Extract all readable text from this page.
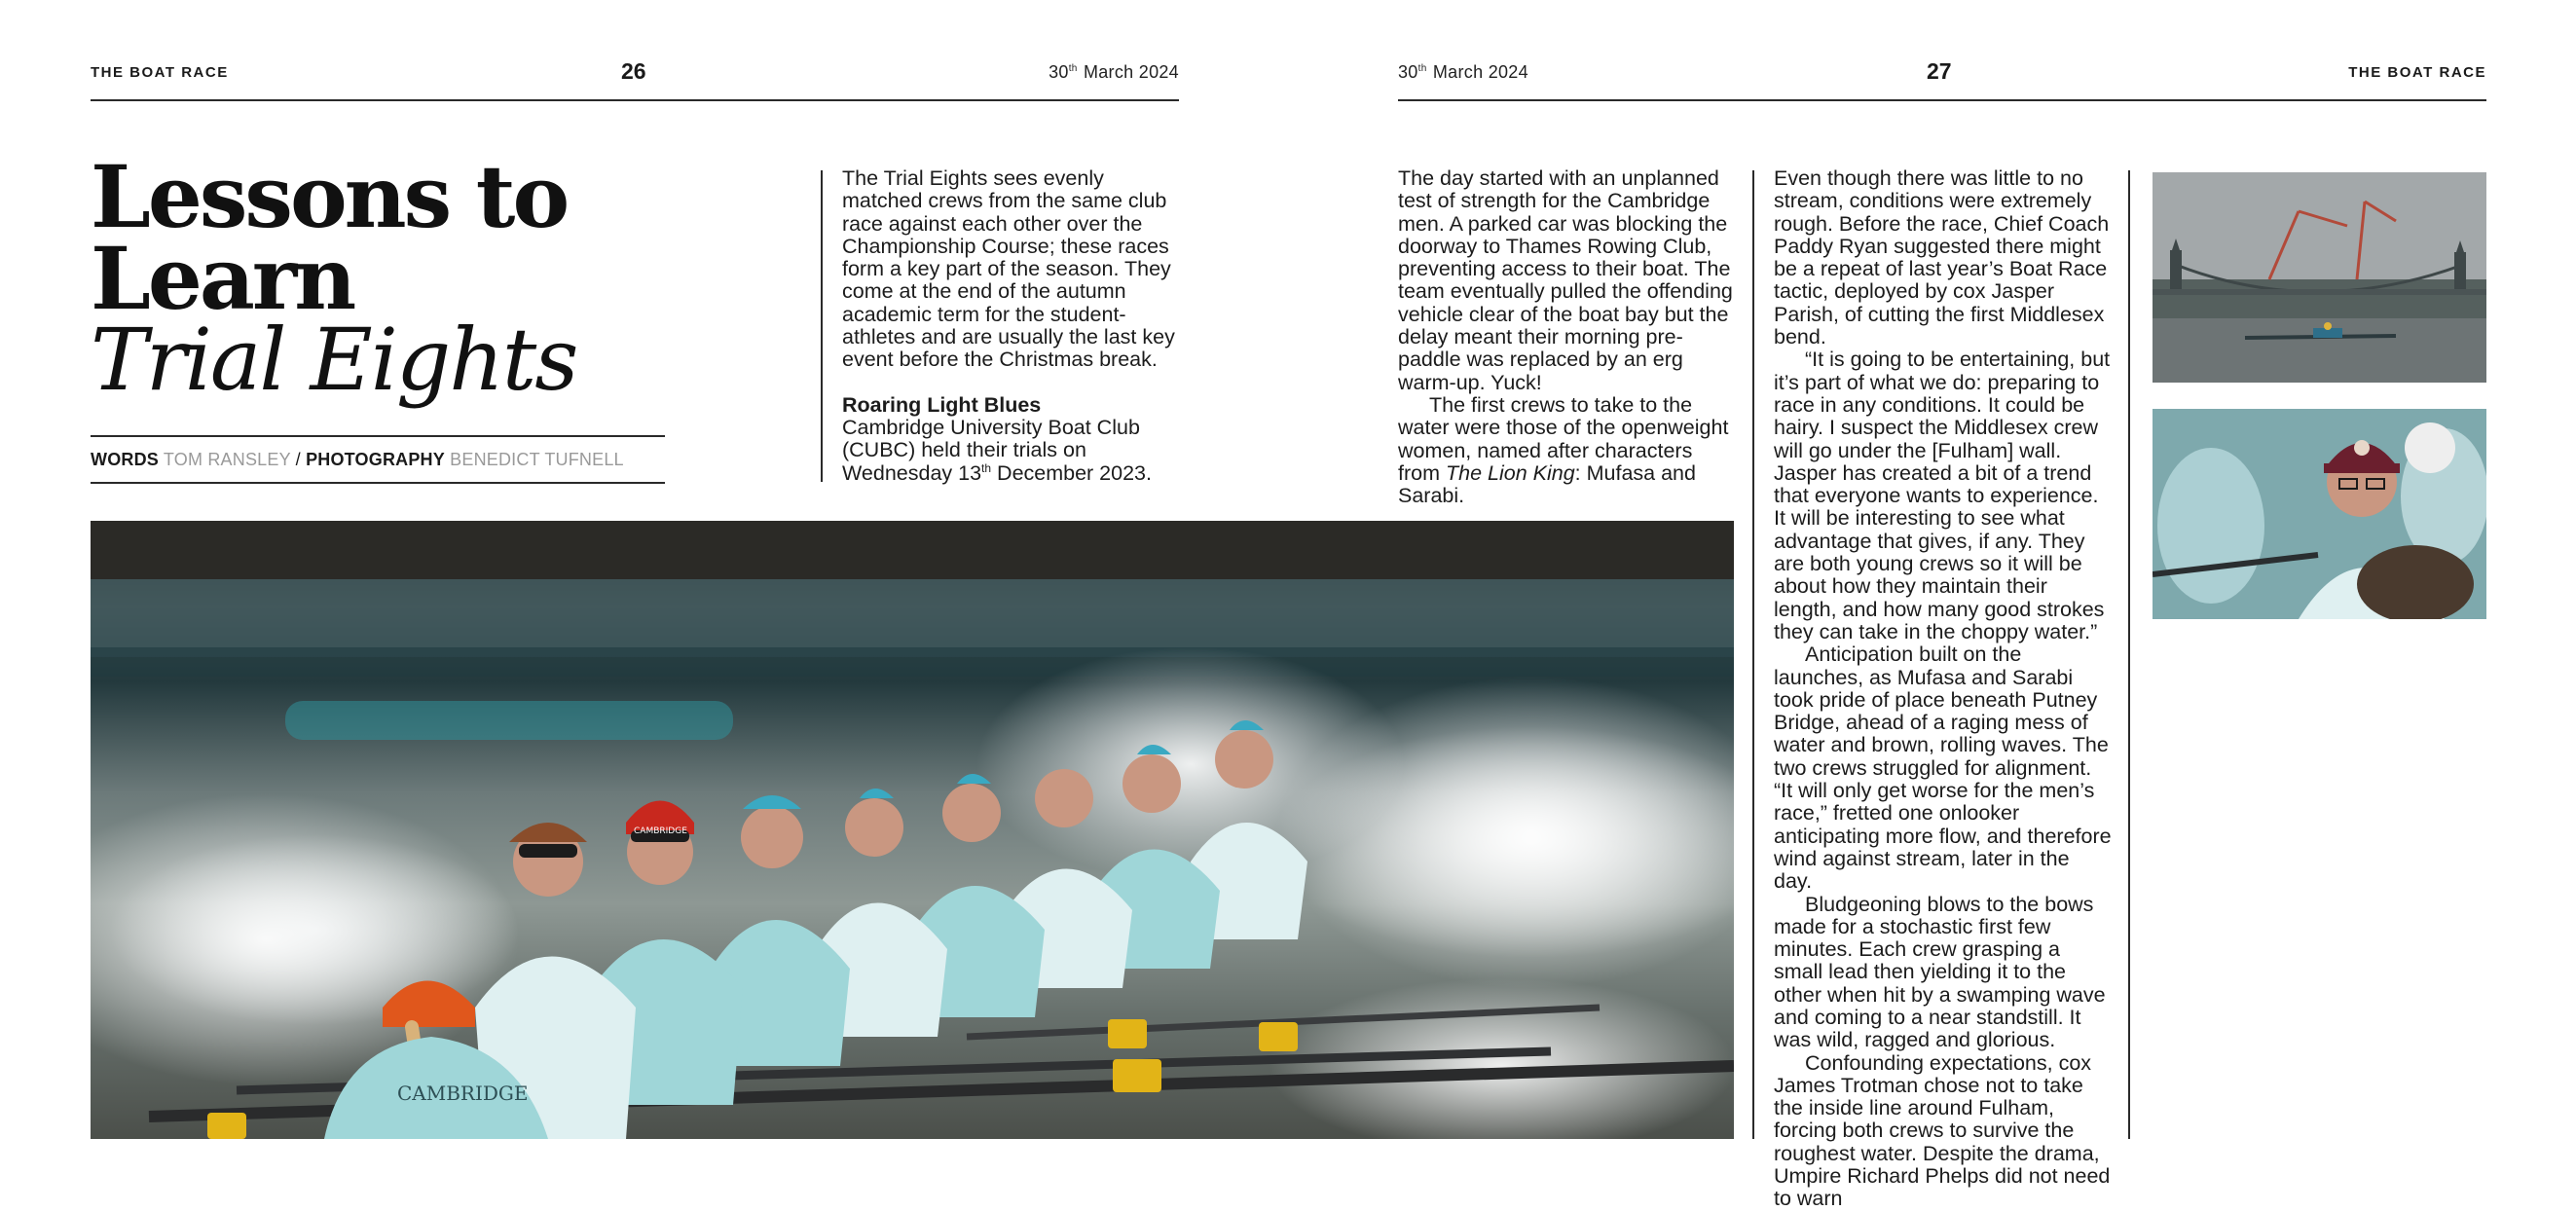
THE BOAT RACE	26	30th March 2024	30th March 2024	27	THE BOAT RACE
Lessons to
Learn
Trial Eights
WORDS TOM RANSLEY / PHOTOGRAPHY BENEDICT TUFNELL

The Trial Eights sees evenly matched crews from the same club race against each other over the Championship Course; these races form a key part of the season. They come at the end of the autumn academic term for the student-athletes and are usually the last key event before the Christmas break.

Roaring Light Blues

Cambridge University Boat Club (CUBC) held their trials on Wednesday 13th December 2023.

The day started with an unplanned test of strength for the Cambridge men. A parked car was blocking the doorway to Thames Rowing Club, preventing access to their boat. The team eventually pulled the offending vehicle clear of the boat bay but the delay meant their morning pre-paddle was replaced by an erg warm-up. Yuck!

The first crews to take to the water were those of the openweight women, named after characters from The Lion King: Mufasa and Sarabi.

Even though there was little to no stream, conditions were extremely rough. Before the race, Chief Coach Paddy Ryan suggested there might be a repeat of last year’s Boat Race tactic, deployed by cox Jasper Parish, of cutting the first Middlesex bend.

“It is going to be entertaining, but it’s part of what we do: preparing to race in any conditions. It could be hairy. I suspect the Middlesex crew will go under the [Fulham] wall. Jasper has created a bit of a trend that everyone wants to experience. It will be interesting to see what advantage that gives, if any. They are both young crews so it will be about how they maintain their length, and how many good strokes they can take in the choppy water.”

Anticipation built on the launches, as Mufasa and Sarabi took pride of place beneath Putney Bridge, ahead of a raging mess of water and brown, rolling waves. The two crews struggled for alignment. “It will only get worse for the men’s race,” fretted one onlooker anticipating more flow, and therefore wind against stream, later in the day.

Bludgeoning blows to the bows made for a stochastic first few minutes. Each crew grasping a small lead then yielding it to the other when hit by a swamping wave and coming to a near standstill. It was wild, ragged and glorious.

Confounding expectations, cox James Trotman chose not to take the inside line around Fulham, forcing both crews to survive the roughest water. Despite the drama, Umpire Richard Phelps did not need to warn

CAMBRIDGE
CAMBRIDGE
